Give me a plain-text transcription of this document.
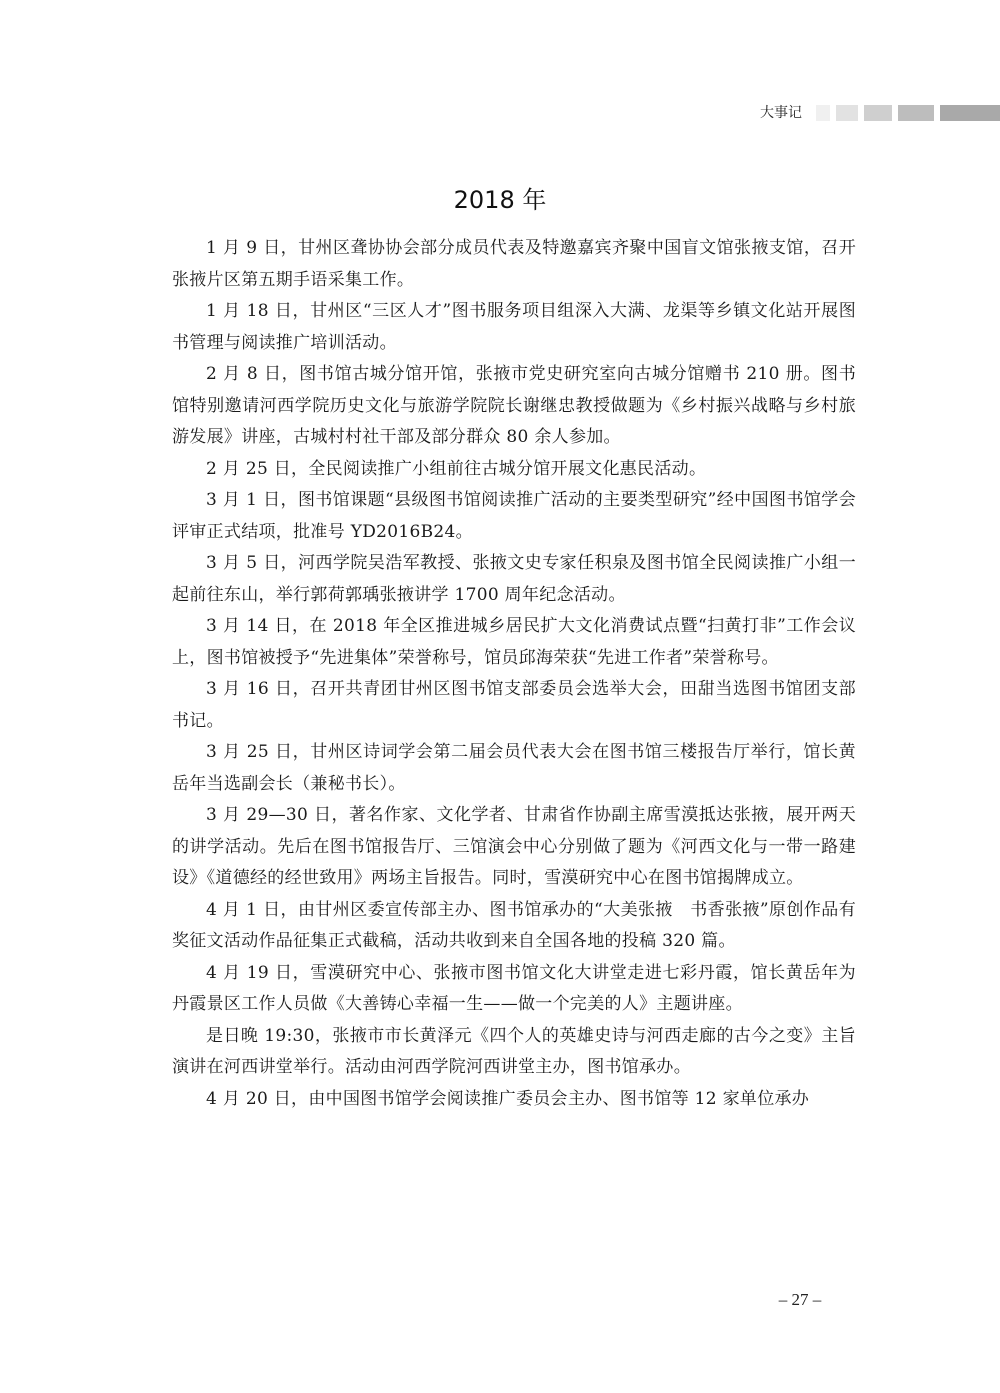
大事记
2018 年

1 月 9 日，甘州区聋协协会部分成员代表及特邀嘉宾齐聚中国盲文馆张掖支馆，召开张掖片区第五期手语采集工作。

1 月 18 日，甘州区“三区人才”图书服务项目组深入大满、龙渠等乡镇文化站开展图书管理与阅读推广培训活动。

2 月 8 日，图书馆古城分馆开馆，张掖市党史研究室向古城分馆赠书 210 册。图书馆特别邀请河西学院历史文化与旅游学院院长谢继忠教授做题为《乡村振兴战略与乡村旅游发展》讲座，古城村村社干部及部分群众 80 余人参加。

2 月 25 日，全民阅读推广小组前往古城分馆开展文化惠民活动。

3 月 1 日，图书馆课题“县级图书馆阅读推广活动的主要类型研究”经中国图书馆学会评审正式结项，批准号 YD2016B24。

3 月 5 日，河西学院吴浩军教授、张掖文史专家任积泉及图书馆全民阅读推广小组一起前往东山，举行郭荷郭瑀张掖讲学 1700 周年纪念活动。

3 月 14 日，在 2018 年全区推进城乡居民扩大文化消费试点暨“扫黄打非”工作会议上，图书馆被授予“先进集体”荣誉称号，馆员邱海荣获“先进工作者”荣誉称号。

3 月 16 日，召开共青团甘州区图书馆支部委员会选举大会，田甜当选图书馆团支部书记。

3 月 25 日，甘州区诗词学会第二届会员代表大会在图书馆三楼报告厅举行，馆长黄岳年当选副会长（兼秘书长）。

3 月 29—30 日，著名作家、文化学者、甘肃省作协副主席雪漠抵达张掖，展开两天的讲学活动。先后在图书馆报告厅、三馆演会中心分别做了题为《河西文化与一带一路建设》《道德经的经世致用》两场主旨报告。同时，雪漠研究中心在图书馆揭牌成立。

4 月 1 日，由甘州区委宣传部主办、图书馆承办的“大美张掖　书香张掖”原创作品有奖征文活动作品征集正式截稿，活动共收到来自全国各地的投稿 320 篇。

4 月 19 日，雪漠研究中心、张掖市图书馆文化大讲堂走进七彩丹霞，馆长黄岳年为丹霞景区工作人员做《大善铸心幸福一生——做一个完美的人》主题讲座。

是日晚 19:30，张掖市市长黄泽元《四个人的英雄史诗与河西走廊的古今之变》主旨演讲在河西讲堂举行。活动由河西学院河西讲堂主办，图书馆承办。

4 月 20 日，由中国图书馆学会阅读推广委员会主办、图书馆等 12 家单位承办

– 27 –
